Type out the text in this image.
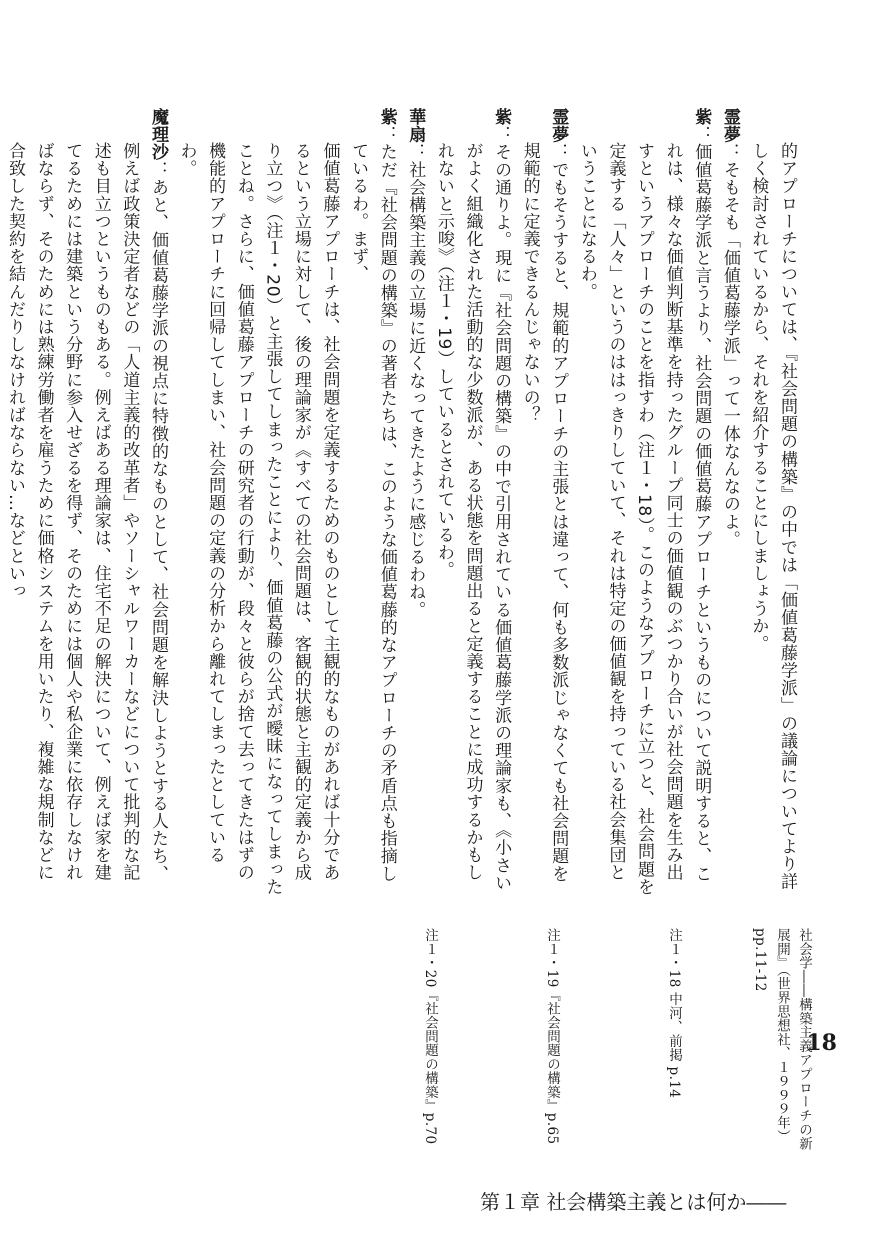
的アプローチについては、『社会問題の構築』の中では「価値葛藤学派」の議論についてより詳しく検討されているから、それを紹介することにしましょうか。

霊夢：そもそも「価値葛藤学派」って一体なんなのよ。

紫：価値葛藤学派と言うより、社会問題の価値葛藤アプローチというものについて説明すると、これは、様々な価値判断基準を持ったグループ同士の価値観のぶつかり合いが社会問題を生み出すというアプローチのことを指すわ（注１・18）。このようなアプローチに立つと、社会問題を定義する「人々」というのははっきりしていて、それは特定の価値観を持っている社会集団ということになるわ。

霊夢：でもそうすると、規範的アプローチの主張とは違って、何も多数派じゃなくても社会問題を規範的に定義できるんじゃないの？

紫：その通りよ。現に『社会問題の構築』の中で引用されている価値葛藤学派の理論家も、《小さいがよく組織化された活動的な少数派が、ある状態を問題出ると定義することに成功するかもしれないと示唆》（注１・19）しているとされているわ。

華扇：社会構築主義の立場に近くなってきたように感じるわね。

紫：ただ『社会問題の構築』の著者たちは、このような価値葛藤的なアプローチの矛盾点も指摘しているわ。まず、

価値葛藤アプローチは、社会問題を定義するためのものとして主観的なものがあれば十分であるという立場に対して、後の理論家が《すべての社会問題は、客観的状態と主観的定義から成り立つ》（注１・20）と主張してしまったことにより、価値葛藤の公式が曖昧になってしまったことね。さらに、価値葛藤アプローチの研究者の行動が、段々と彼らが捨て去ってきたはずの機能的アプローチに回帰してしまい、社会問題の定義の分析から離れてしまったとしているわ。

魔理沙：あと、価値葛藤学派の視点に特徴的なものとして、社会問題を解決しようとする人たち、例えば政策決定者などの「人道主義的改革者」やソーシャルワーカーなどについて批判的な記述も目立つというものもある。例えばある理論家は、住宅不足の解決について、例えば家を建てるためには建築という分野に参入せざるを得ず、そのためには個人や私企業に依存しなければならず、そのためには熟練労働者を雇うために価格システムを用いたり、複雑な規制などに合致した契約を結んだりしなければならない…などといっ

18

社会学――構築主義アプローチの新展開』（世界思想社、１９９９年）pp.11-12

注１・18 中河、前掲 p.14

注１・19『社会問題の構築』p.65

注１・20『社会問題の構築』p.70

第１章 社会構築主義とは何か――
